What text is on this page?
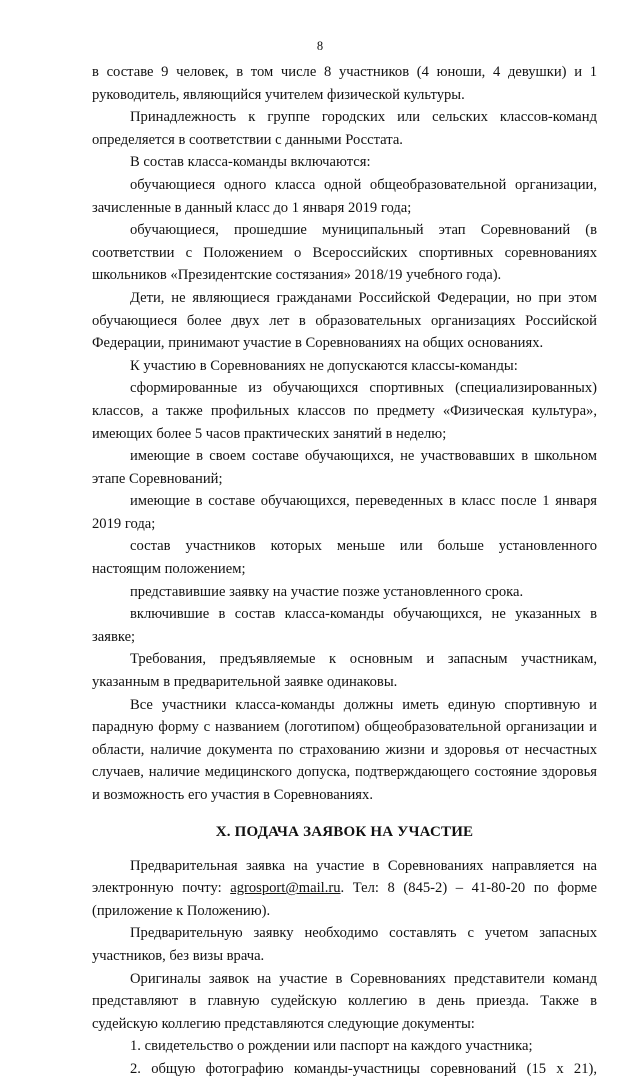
8

в составе 9 человек, в том числе 8 участников (4 юноши, 4 девушки) и 1 руководитель, являющийся учителем физической культуры.

Принадлежность к группе городских или сельских классов-команд определяется в соответствии с данными Росстата.

В состав класса-команды включаются:

обучающиеся одного класса одной общеобразовательной организации, зачисленные в данный класс до 1 января 2019 года;

обучающиеся, прошедшие муниципальный этап Соревнований (в соответствии с Положением о Всероссийских спортивных соревнованиях школьников «Президентские состязания» 2018/19 учебного года).

Дети, не являющиеся гражданами Российской Федерации, но при этом обучающиеся более двух лет в образовательных организациях Российской Федерации, принимают участие в Соревнованиях на общих основаниях.

К участию в Соревнованиях не допускаются классы-команды:

сформированные из обучающихся спортивных (специализированных) классов, а также профильных классов по предмету «Физическая культура», имеющих более 5 часов практических занятий в неделю;

имеющие в своем составе обучающихся, не участвовавших в школьном этапе Соревнований;

имеющие в составе обучающихся, переведенных в класс после 1 января 2019 года;

состав участников которых меньше или больше установленного настоящим положением;

представившие заявку на участие позже установленного срока.

включившие в состав класса-команды обучающихся, не указанных в заявке;

Требования, предъявляемые к основным и запасным участникам, указанным в предварительной заявке одинаковы.

Все участники класса-команды должны иметь единую спортивную и парадную форму с названием (логотипом) общеобразовательной организации и области, наличие документа по страхованию жизни и здоровья от несчастных случаев, наличие медицинского допуска, подтверждающего состояние здоровья и возможность его участия в Соревнованиях.

X. ПОДАЧА ЗАЯВОК НА УЧАСТИЕ

Предварительная заявка на участие в Соревнованиях направляется на электронную почту: agrosport@mail.ru. Тел: 8 (845-2) – 41-80-20 по форме (приложение к Положению).

Предварительную заявку необходимо составлять с учетом запасных участников, без визы врача.

Оригиналы заявок на участие в Соревнованиях представители команд представляют в главную судейскую коллегию в день приезда. Также в судейскую коллегию представляются следующие документы:

1. свидетельство о рождении или паспорт на каждого участника;

2. общую фотографию команды-участницы соревнований (15 х 21),
